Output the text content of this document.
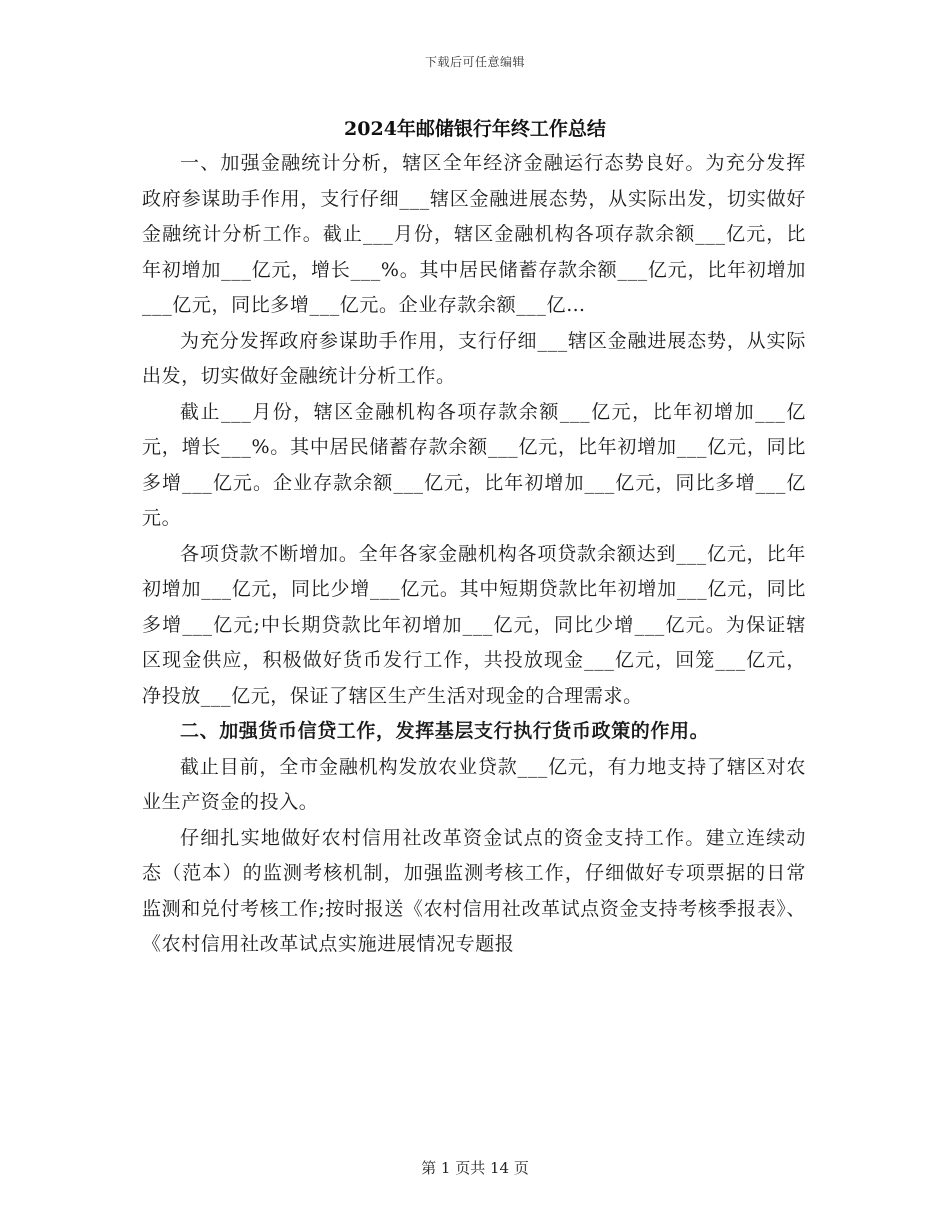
下载后可任意编辑
2024年邮储银行年终工作总结

一、加强金融统计分析，辖区全年经济金融运行态势良好。为充分发挥政府参谋助手作用，支行仔细___辖区金融进展态势，从实际出发，切实做好金融统计分析工作。截止___月份，辖区金融机构各项存款余额___亿元，比年初增加___亿元，增长___%。其中居民储蓄存款余额___亿元，比年初增加___亿元，同比多增___亿元。企业存款余额___亿…

为充分发挥政府参谋助手作用，支行仔细___辖区金融进展态势，从实际出发，切实做好金融统计分析工作。

截止___月份，辖区金融机构各项存款余额___亿元，比年初增加___亿元，增长___%。其中居民储蓄存款余额___亿元，比年初增加___亿元，同比多增___亿元。企业存款余额___亿元，比年初增加___亿元，同比多增___亿元。

各项贷款不断增加。全年各家金融机构各项贷款余额达到___亿元，比年初增加___亿元，同比少增___亿元。其中短期贷款比年初增加___亿元，同比多增___亿元;中长期贷款比年初增加___亿元，同比少增___亿元。为保证辖区现金供应，积极做好货币发行工作，共投放现金___亿元，回笼___亿元，净投放___亿元，保证了辖区生产生活对现金的合理需求。

二、加强货币信贷工作，发挥基层支行执行货币政策的作用。

截止目前，全市金融机构发放农业贷款___亿元，有力地支持了辖区对农业生产资金的投入。

仔细扎实地做好农村信用社改革资金试点的资金支持工作。建立连续动态（范本）的监测考核机制，加强监测考核工作，仔细做好专项票据的日常监测和兑付考核工作;按时报送《农村信用社改革试点资金支持考核季报表》、《农村信用社改革试点实施进展情况专题报

第 1 页共 14 页
